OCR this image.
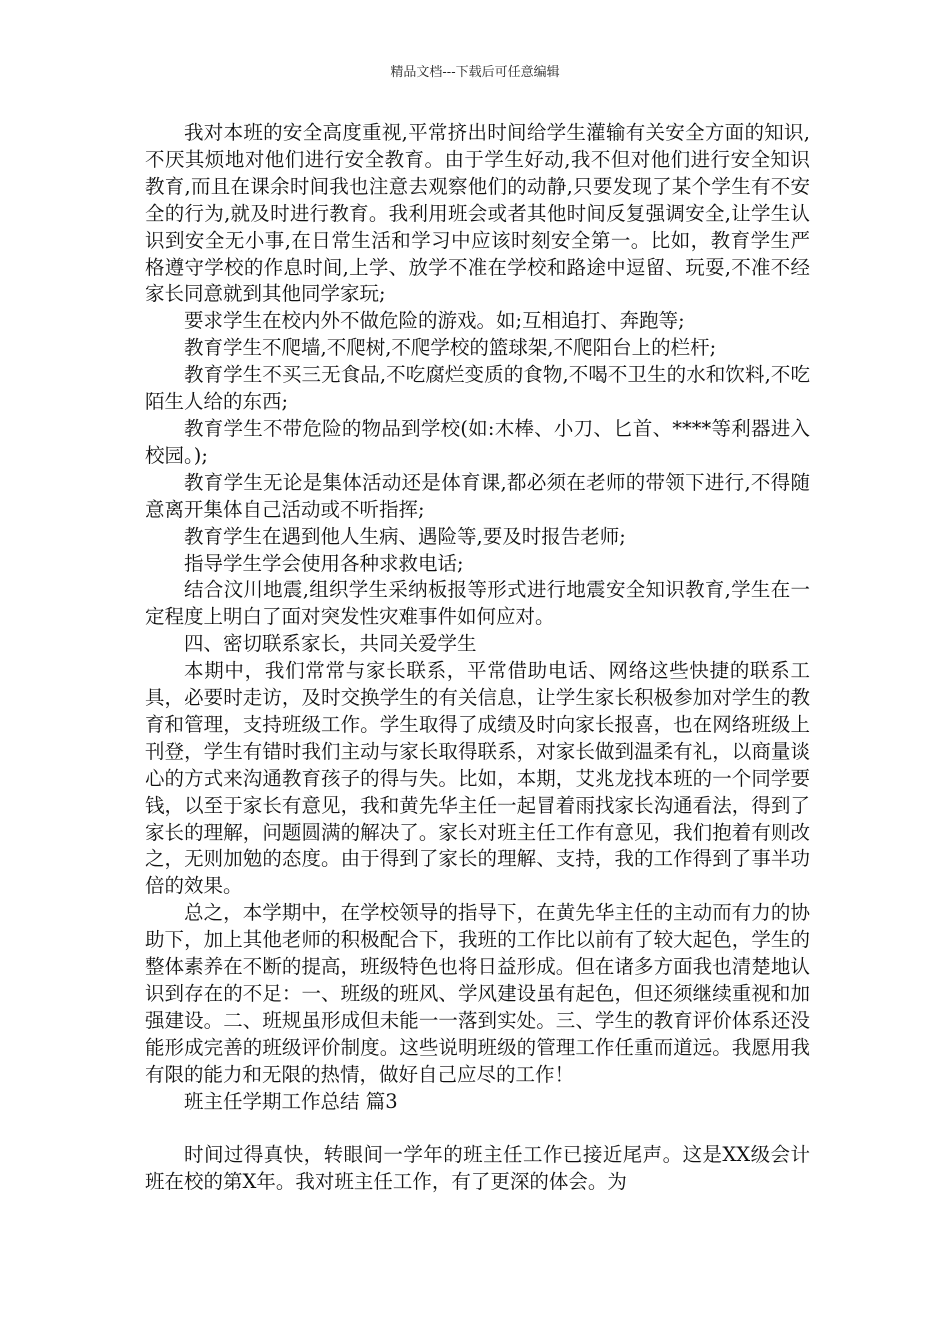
精品文档---下载后可任意编辑

我对本班的安全高度重视,平常挤出时间给学生灌输有关安全方面的知识,不厌其烦地对他们进行安全教育。由于学生好动,我不但对他们进行安全知识教育,而且在课余时间我也注意去观察他们的动静,只要发现了某个学生有不安全的行为,就及时进行教育。我利用班会或者其他时间反复强调安全,让学生认识到安全无小事,在日常生活和学习中应该时刻安全第一。比如，教育学生严格遵守学校的作息时间,上学、放学不准在学校和路途中逗留、玩耍,不准不经家长同意就到其他同学家玩;

要求学生在校内外不做危险的游戏。如;互相追打、奔跑等;

教育学生不爬墙,不爬树,不爬学校的篮球架,不爬阳台上的栏杆;

教育学生不买三无食品,不吃腐烂变质的食物,不喝不卫生的水和饮料,不吃陌生人给的东西;

教育学生不带危险的物品到学校(如:木棒、小刀、匕首、****等利器进入校园。);

教育学生无论是集体活动还是体育课,都必须在老师的带领下进行,不得随意离开集体自己活动或不听指挥;

教育学生在遇到他人生病、遇险等,要及时报告老师;

指导学生学会使用各种求救电话;

结合汶川地震,组织学生采纳板报等形式进行地震安全知识教育,学生在一定程度上明白了面对突发性灾难事件如何应对。

四、密切联系家长，共同关爱学生

本期中，我们常常与家长联系，平常借助电话、网络这些快捷的联系工具，必要时走访，及时交换学生的有关信息，让学生家长积极参加对学生的教育和管理，支持班级工作。学生取得了成绩及时向家长报喜，也在网络班级上刊登，学生有错时我们主动与家长取得联系，对家长做到温柔有礼，以商量谈心的方式来沟通教育孩子的得与失。比如，本期，艾兆龙找本班的一个同学要钱，以至于家长有意见，我和黄先华主任一起冒着雨找家长沟通看法，得到了家长的理解，问题圆满的解决了。家长对班主任工作有意见，我们抱着有则改之，无则加勉的态度。由于得到了家长的理解、支持，我的工作得到了事半功倍的效果。

总之，本学期中，在学校领导的指导下，在黄先华主任的主动而有力的协助下，加上其他老师的积极配合下，我班的工作比以前有了较大起色，学生的整体素养在不断的提高，班级特色也将日益形成。但在诸多方面我也清楚地认识到存在的不足：一、班级的班风、学风建设虽有起色，但还须继续重视和加强建设。二、班规虽形成但未能一一落到实处。三、学生的教育评价体系还没能形成完善的班级评价制度。这些说明班级的管理工作任重而道远。我愿用我有限的能力和无限的热情，做好自己应尽的工作！

班主任学期工作总结 篇3

时间过得真快，转眼间一学年的班主任工作已接近尾声。这是XX级会计班在校的第X年。我对班主任工作，有了更深的体会。为
